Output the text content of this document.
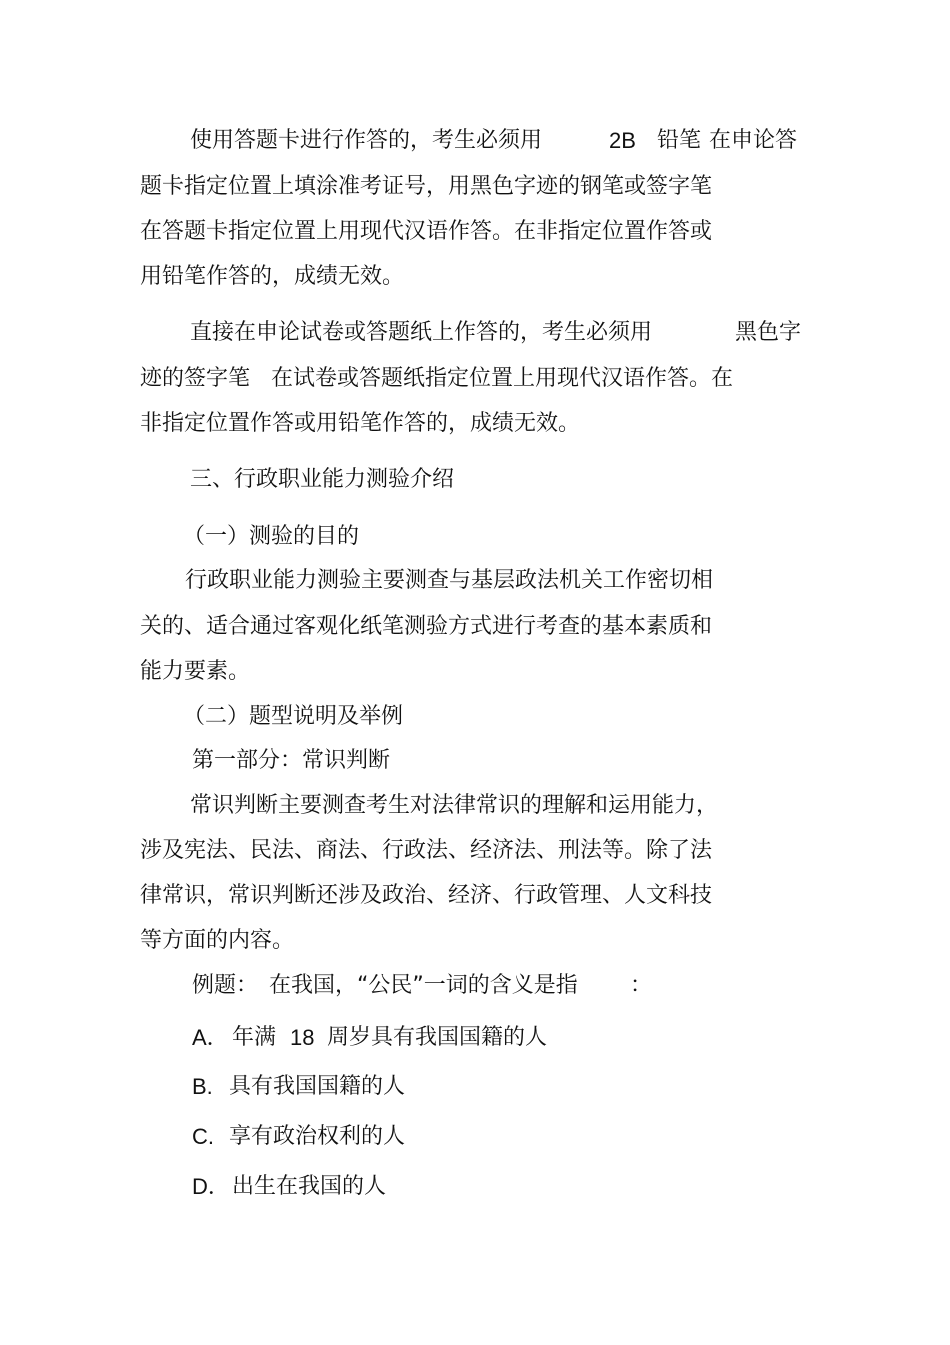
使用答题卡进行作答的，考生必须用	2B 铅笔 在申论答
题卡指定位置上填涂准考证号，用黑色字迹的钢笔或签字笔
在答题卡指定位置上用现代汉语作答。在非指定位置作答或
用铅笔作答的，成绩无效。
直接在申论试卷或答题纸上作答的，考生必须用	黑色字
迹的签字笔 在试卷或答题纸指定位置上用现代汉语作答。在
非指定位置作答或用铅笔作答的，成绩无效。
三、行政职业能力测验介绍
（一）测验的目的
行政职业能力测验主要测查与基层政法机关工作密切相
关的、适合通过客观化纸笔测验方式进行考查的基本素质和
能力要素。
（二）题型说明及举例
第一部分：常识判断
常识判断主要测查考生对法律常识的理解和运用能力，
涉及宪法、民法、商法、行政法、经济法、刑法等。除了法
律常识，常识判断还涉及政治、经济、行政管理、人文科技
等方面的内容。
例题： 在我国，“公民”一词的含义是指 ：
A． 年满 18 周岁具有我国国籍的人
B. 具有我国国籍的人
C. 享有政治权利的人
D． 出生在我国的人
